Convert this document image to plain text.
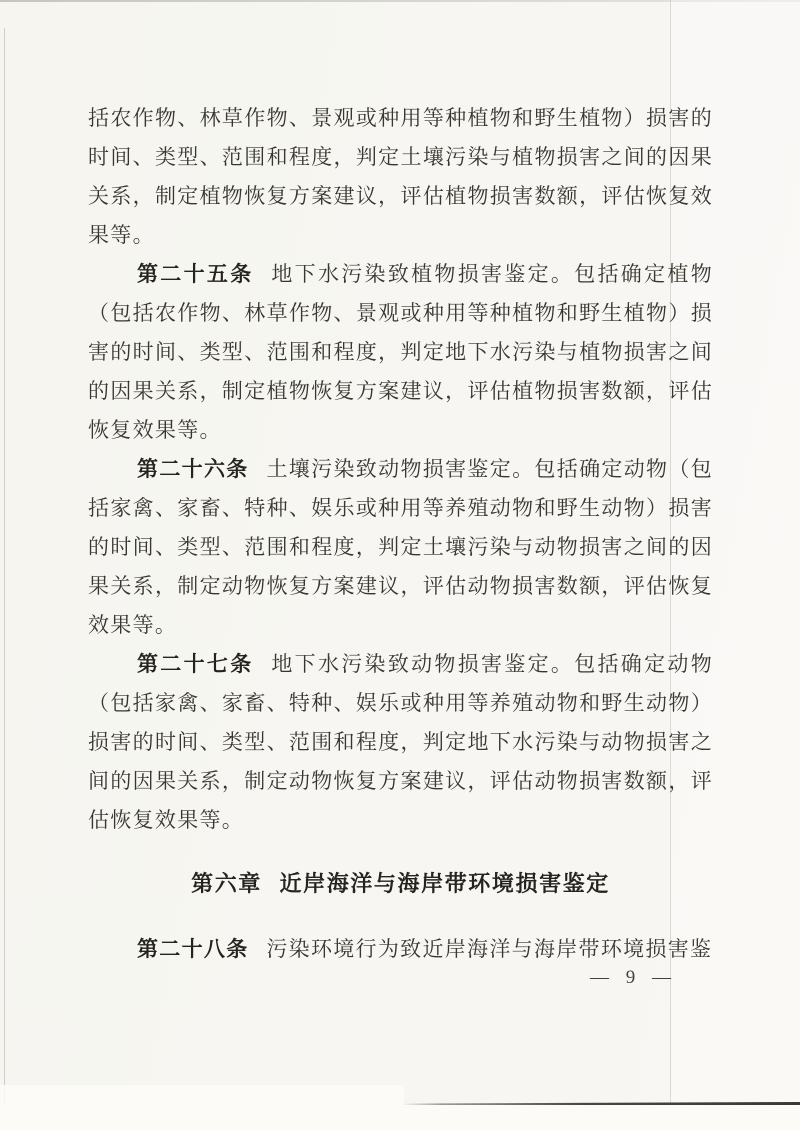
括农作物、林草作物、景观或种用等种植物和野生植物）损害的时间、类型、范围和程度，判定土壤污染与植物损害之间的因果关系，制定植物恢复方案建议，评估植物损害数额，评估恢复效果等。

第二十五条 地下水污染致植物损害鉴定。包括确定植物（包括农作物、林草作物、景观或种用等种植物和野生植物）损害的时间、类型、范围和程度，判定地下水污染与植物损害之间的因果关系，制定植物恢复方案建议，评估植物损害数额，评估恢复效果等。

第二十六条 土壤污染致动物损害鉴定。包括确定动物（包括家禽、家畜、特种、娱乐或种用等养殖动物和野生动物）损害的时间、类型、范围和程度，判定土壤污染与动物损害之间的因果关系，制定动物恢复方案建议，评估动物损害数额，评估恢复效果等。

第二十七条 地下水污染致动物损害鉴定。包括确定动物（包括家禽、家畜、特种、娱乐或种用等养殖动物和野生动物）损害的时间、类型、范围和程度，判定地下水污染与动物损害之间的因果关系，制定动物恢复方案建议，评估动物损害数额，评估恢复效果等。

第六章 近岸海洋与海岸带环境损害鉴定

第二十八条 污染环境行为致近岸海洋与海岸带环境损害鉴

— 9 —
